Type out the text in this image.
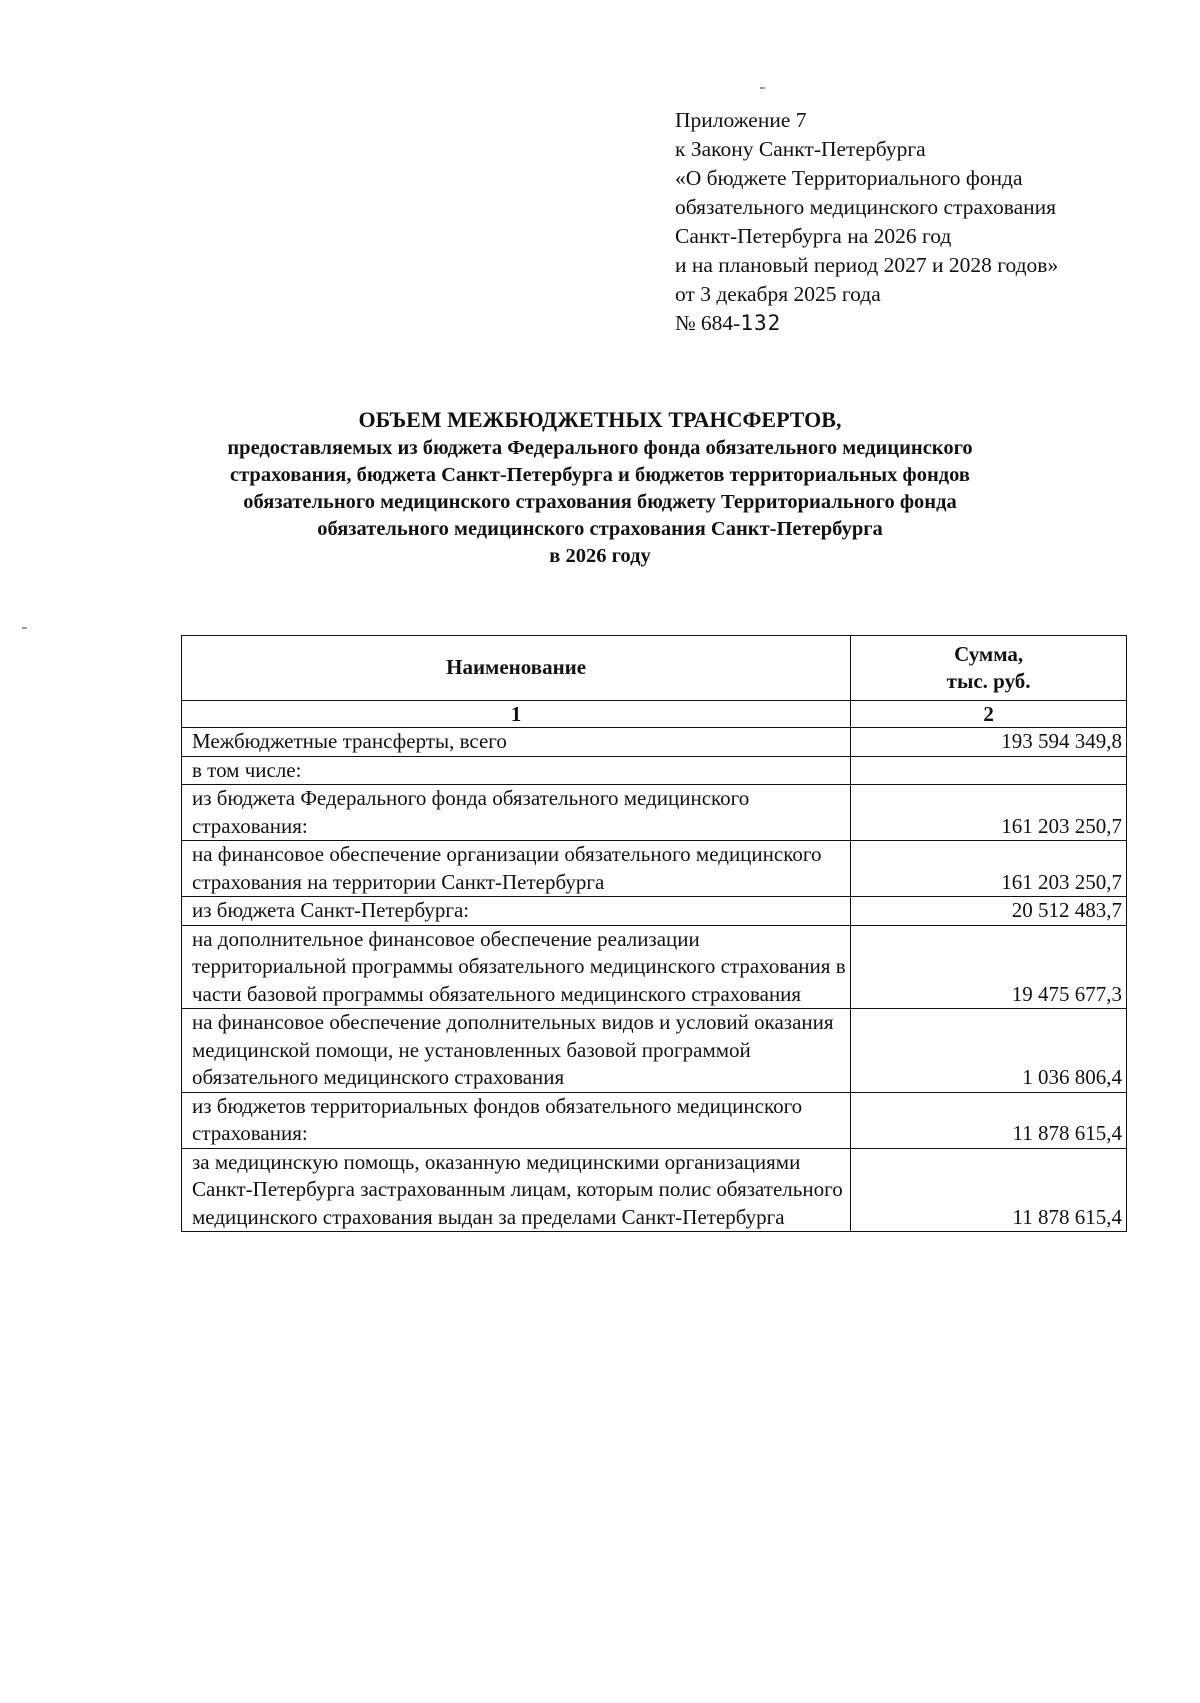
Приложение 7
к Закону Санкт-Петербурга
«О бюджете Территориального фонда
обязательного медицинского страхования
Санкт-Петербурга на 2026 год
и на плановый период 2027 и 2028 годов»
от 3 декабря 2025 года
№ 684-132
ОБЪЕМ МЕЖБЮДЖЕТНЫХ ТРАНСФЕРТОВ,
предоставляемых из бюджета Федерального фонда обязательного медицинского
страхования, бюджета Санкт-Петербурга и бюджетов территориальных фондов
обязательного медицинского страхования бюджету Территориального фонда
обязательного медицинского страхования Санкт-Петербурга
в 2026 году
Наименование	Сумма,
тыс. руб.

1	2
Межбюджетные трансферты, всего	193 594 349,8
в том числе:	
из бюджета Федерального фонда обязательного медицинского страхования:	161 203 250,7
на финансовое обеспечение организации обязательного медицинского страхования на территории Санкт-Петербурга	161 203 250,7
из бюджета Санкт-Петербурга:	20 512 483,7
на дополнительное финансовое обеспечение реализации территориальной программы обязательного медицинского страхования в части базовой программы обязательного медицинского страхования	19 475 677,3
на финансовое обеспечение дополнительных видов и условий оказания медицинской помощи, не установленных базовой программой обязательного медицинского страхования	1 036 806,4
из бюджетов территориальных фондов обязательного медицинского страхования:	11 878 615,4
за медицинскую помощь, оказанную медицинскими организациями Санкт-Петербурга застрахованным лицам, которым полис обязательного медицинского страхования выдан за пределами Санкт-Петербурга	11 878 615,4
